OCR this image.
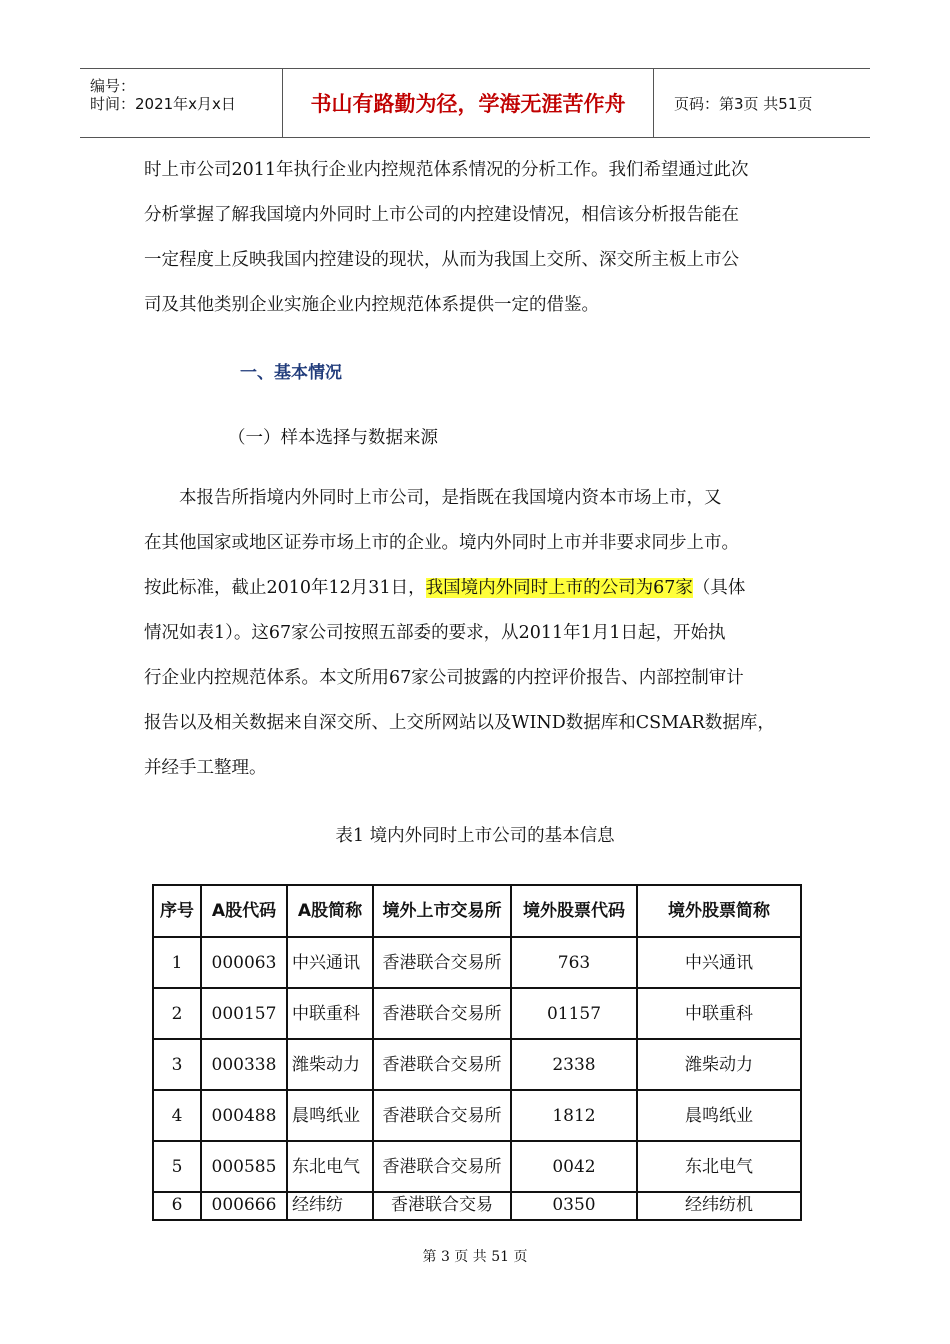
编号：
时间：2021年x月x日	书山有路勤为径，学海无涯苦作舟	页码：第3页 共51页
时上市公司2011年执行企业内控规范体系情况的分析工作。我们希望通过此次
分析掌握了解我国境内外同时上市公司的内控建设情况，相信该分析报告能在
一定程度上反映我国内控建设的现状，从而为我国上交所、深交所主板上市公
司及其他类别企业实施企业内控规范体系提供一定的借鉴。
一、基本情况
（一）样本选择与数据来源
　　本报告所指境内外同时上市公司，是指既在我国境内资本市场上市，又
在其他国家或地区证券市场上市的企业。境内外同时上市并非要求同步上市。
按此标准，截止2010年12月31日，我国境内外同时上市的公司为67家（具体
情况如表1）。这67家公司按照五部委的要求，从2011年1月1日起，开始执
行企业内控规范体系。本文所用67家公司披露的内控评价报告、内部控制审计
报告以及相关数据来自深交所、上交所网站以及WIND数据库和CSMAR数据库，
并经手工整理。
表1 境内外同时上市公司的基本信息
序号	A股代码	A股简称	境外上市交易所	境外股票代码	境外股票简称
1	000063	中兴通讯	香港联合交易所	763	中兴通讯
2	000157	中联重科	香港联合交易所	01157	中联重科
3	000338	潍柴动力	香港联合交易所	2338	潍柴动力
4	000488	晨鸣纸业	香港联合交易所	1812	晨鸣纸业
5	000585	东北电气	香港联合交易所	0042	东北电气
6	000666	经纬纺	香港联合交易	0350	经纬纺机
第 3 页 共 51 页
